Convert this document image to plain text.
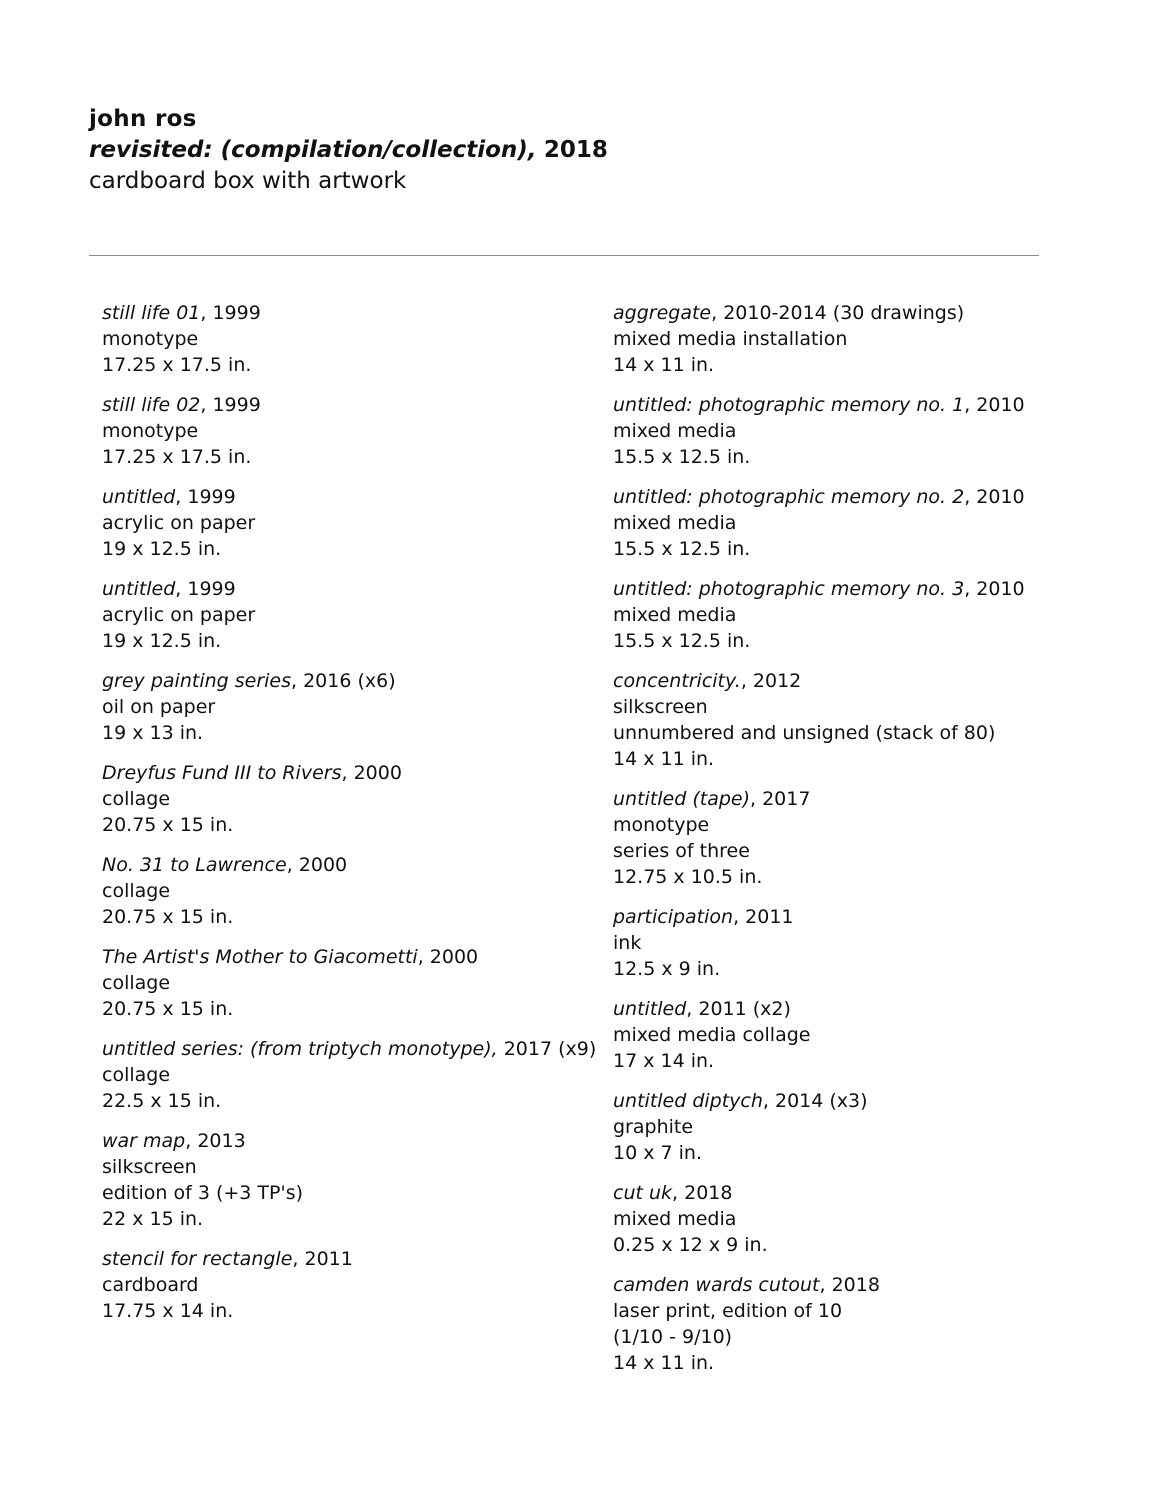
john ros
revisited: (compilation/collection), 2018
cardboard box with artwork
still life 01, 1999
monotype
17.25 x 17.5 in.
still life 02, 1999
monotype
17.25 x 17.5 in.
untitled, 1999
acrylic on paper
19 x 12.5 in.
untitled, 1999
acrylic on paper
19 x 12.5 in.
grey painting series, 2016 (x6)
oil on paper
19 x 13 in.
Dreyfus Fund III to Rivers, 2000
collage
20.75 x 15 in.
No. 31 to Lawrence, 2000
collage
20.75 x 15 in.
The Artist's Mother to Giacometti, 2000
collage
20.75 x 15 in.
untitled series: (from triptych monotype), 2017 (x9)
collage
22.5 x 15 in.
war map, 2013
silkscreen
edition of 3 (+3 TP's)
22 x 15 in.
stencil for rectangle, 2011
cardboard
17.75 x 14 in.
aggregate, 2010-2014 (30 drawings)
mixed media installation
14 x 11 in.
untitled: photographic memory no. 1, 2010
mixed media
15.5 x 12.5 in.
untitled: photographic memory no. 2, 2010
mixed media
15.5 x 12.5 in.
untitled: photographic memory no. 3, 2010
mixed media
15.5 x 12.5 in.
concentricity., 2012
silkscreen
unnumbered and unsigned (stack of 80)
14 x 11 in.
untitled (tape), 2017
monotype
series of three
12.75 x 10.5 in.
participation, 2011
ink
12.5 x 9 in.
untitled, 2011 (x2)
mixed media collage
17 x 14 in.
untitled diptych, 2014 (x3)
graphite
10 x 7 in.
cut uk, 2018
mixed media
0.25 x 12 x 9 in.
camden wards cutout, 2018
laser print, edition of 10
(1/10 - 9/10)
14 x 11 in.
